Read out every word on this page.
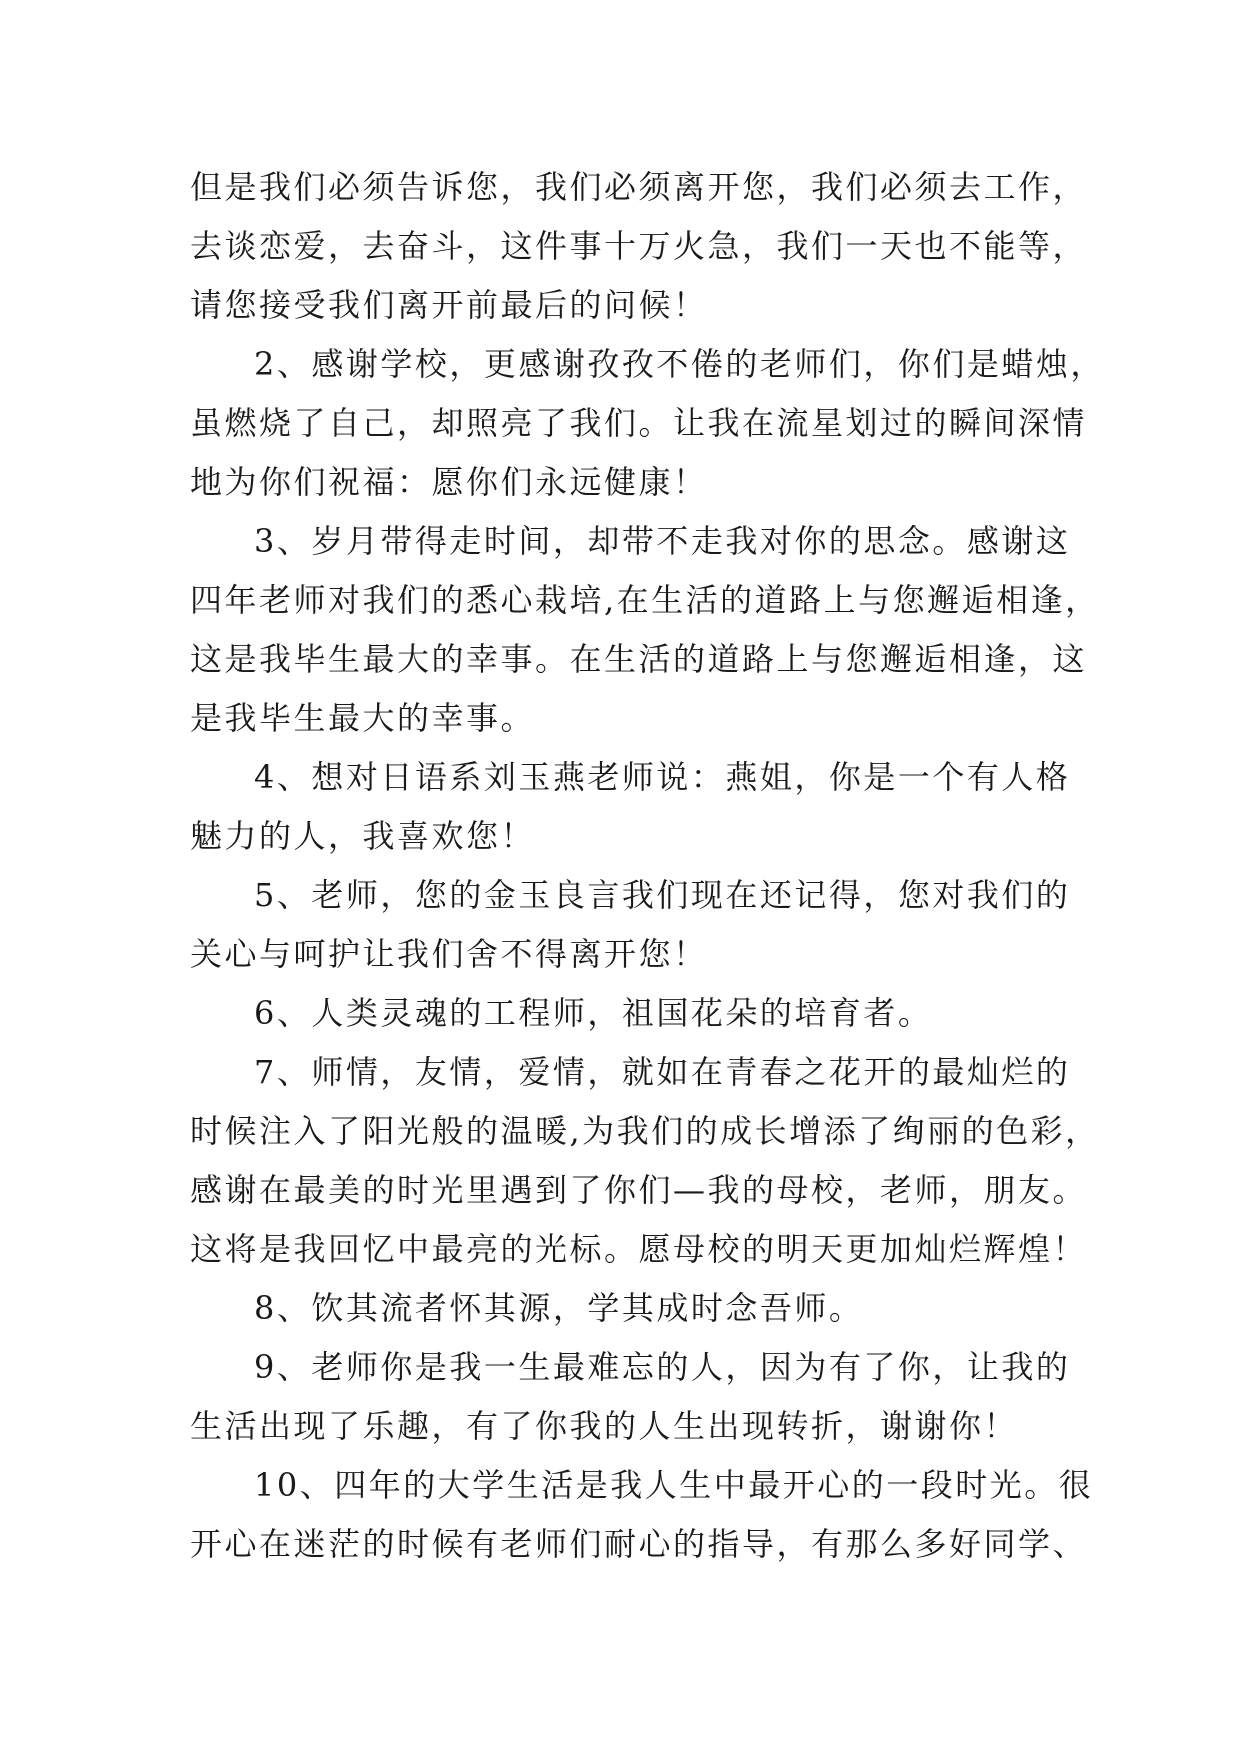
但是我们必须告诉您，我们必须离开您，我们必须去工作，
去谈恋爱，去奋斗，这件事十万火急，我们一天也不能等，
请您接受我们离开前最后的问候！
2、感谢学校，更感谢孜孜不倦的老师们，你们是蜡烛，
虽燃烧了自己，却照亮了我们。让我在流星划过的瞬间深情
地为你们祝福：愿你们永远健康！
3、岁月带得走时间，却带不走我对你的思念。感谢这
四年老师对我们的悉心栽培,在生活的道路上与您邂逅相逢，
这是我毕生最大的幸事。在生活的道路上与您邂逅相逢，这
是我毕生最大的幸事。
4、想对日语系刘玉燕老师说：燕姐，你是一个有人格
魅力的人，我喜欢您！
5、老师，您的金玉良言我们现在还记得，您对我们的
关心与呵护让我们舍不得离开您！
6、人类灵魂的工程师，祖国花朵的培育者。
7、师情，友情，爱情，就如在青春之花开的最灿烂的
时候注入了阳光般的温暖,为我们的成长增添了绚丽的色彩，
感谢在最美的时光里遇到了你们—我的母校，老师，朋友。
这将是我回忆中最亮的光标。愿母校的明天更加灿烂辉煌！
8、饮其流者怀其源，学其成时念吾师。
9、老师你是我一生最难忘的人，因为有了你，让我的
生活出现了乐趣，有了你我的人生出现转折，谢谢你！
10、四年的大学生活是我人生中最开心的一段时光。很
开心在迷茫的时候有老师们耐心的指导，有那么多好同学、
